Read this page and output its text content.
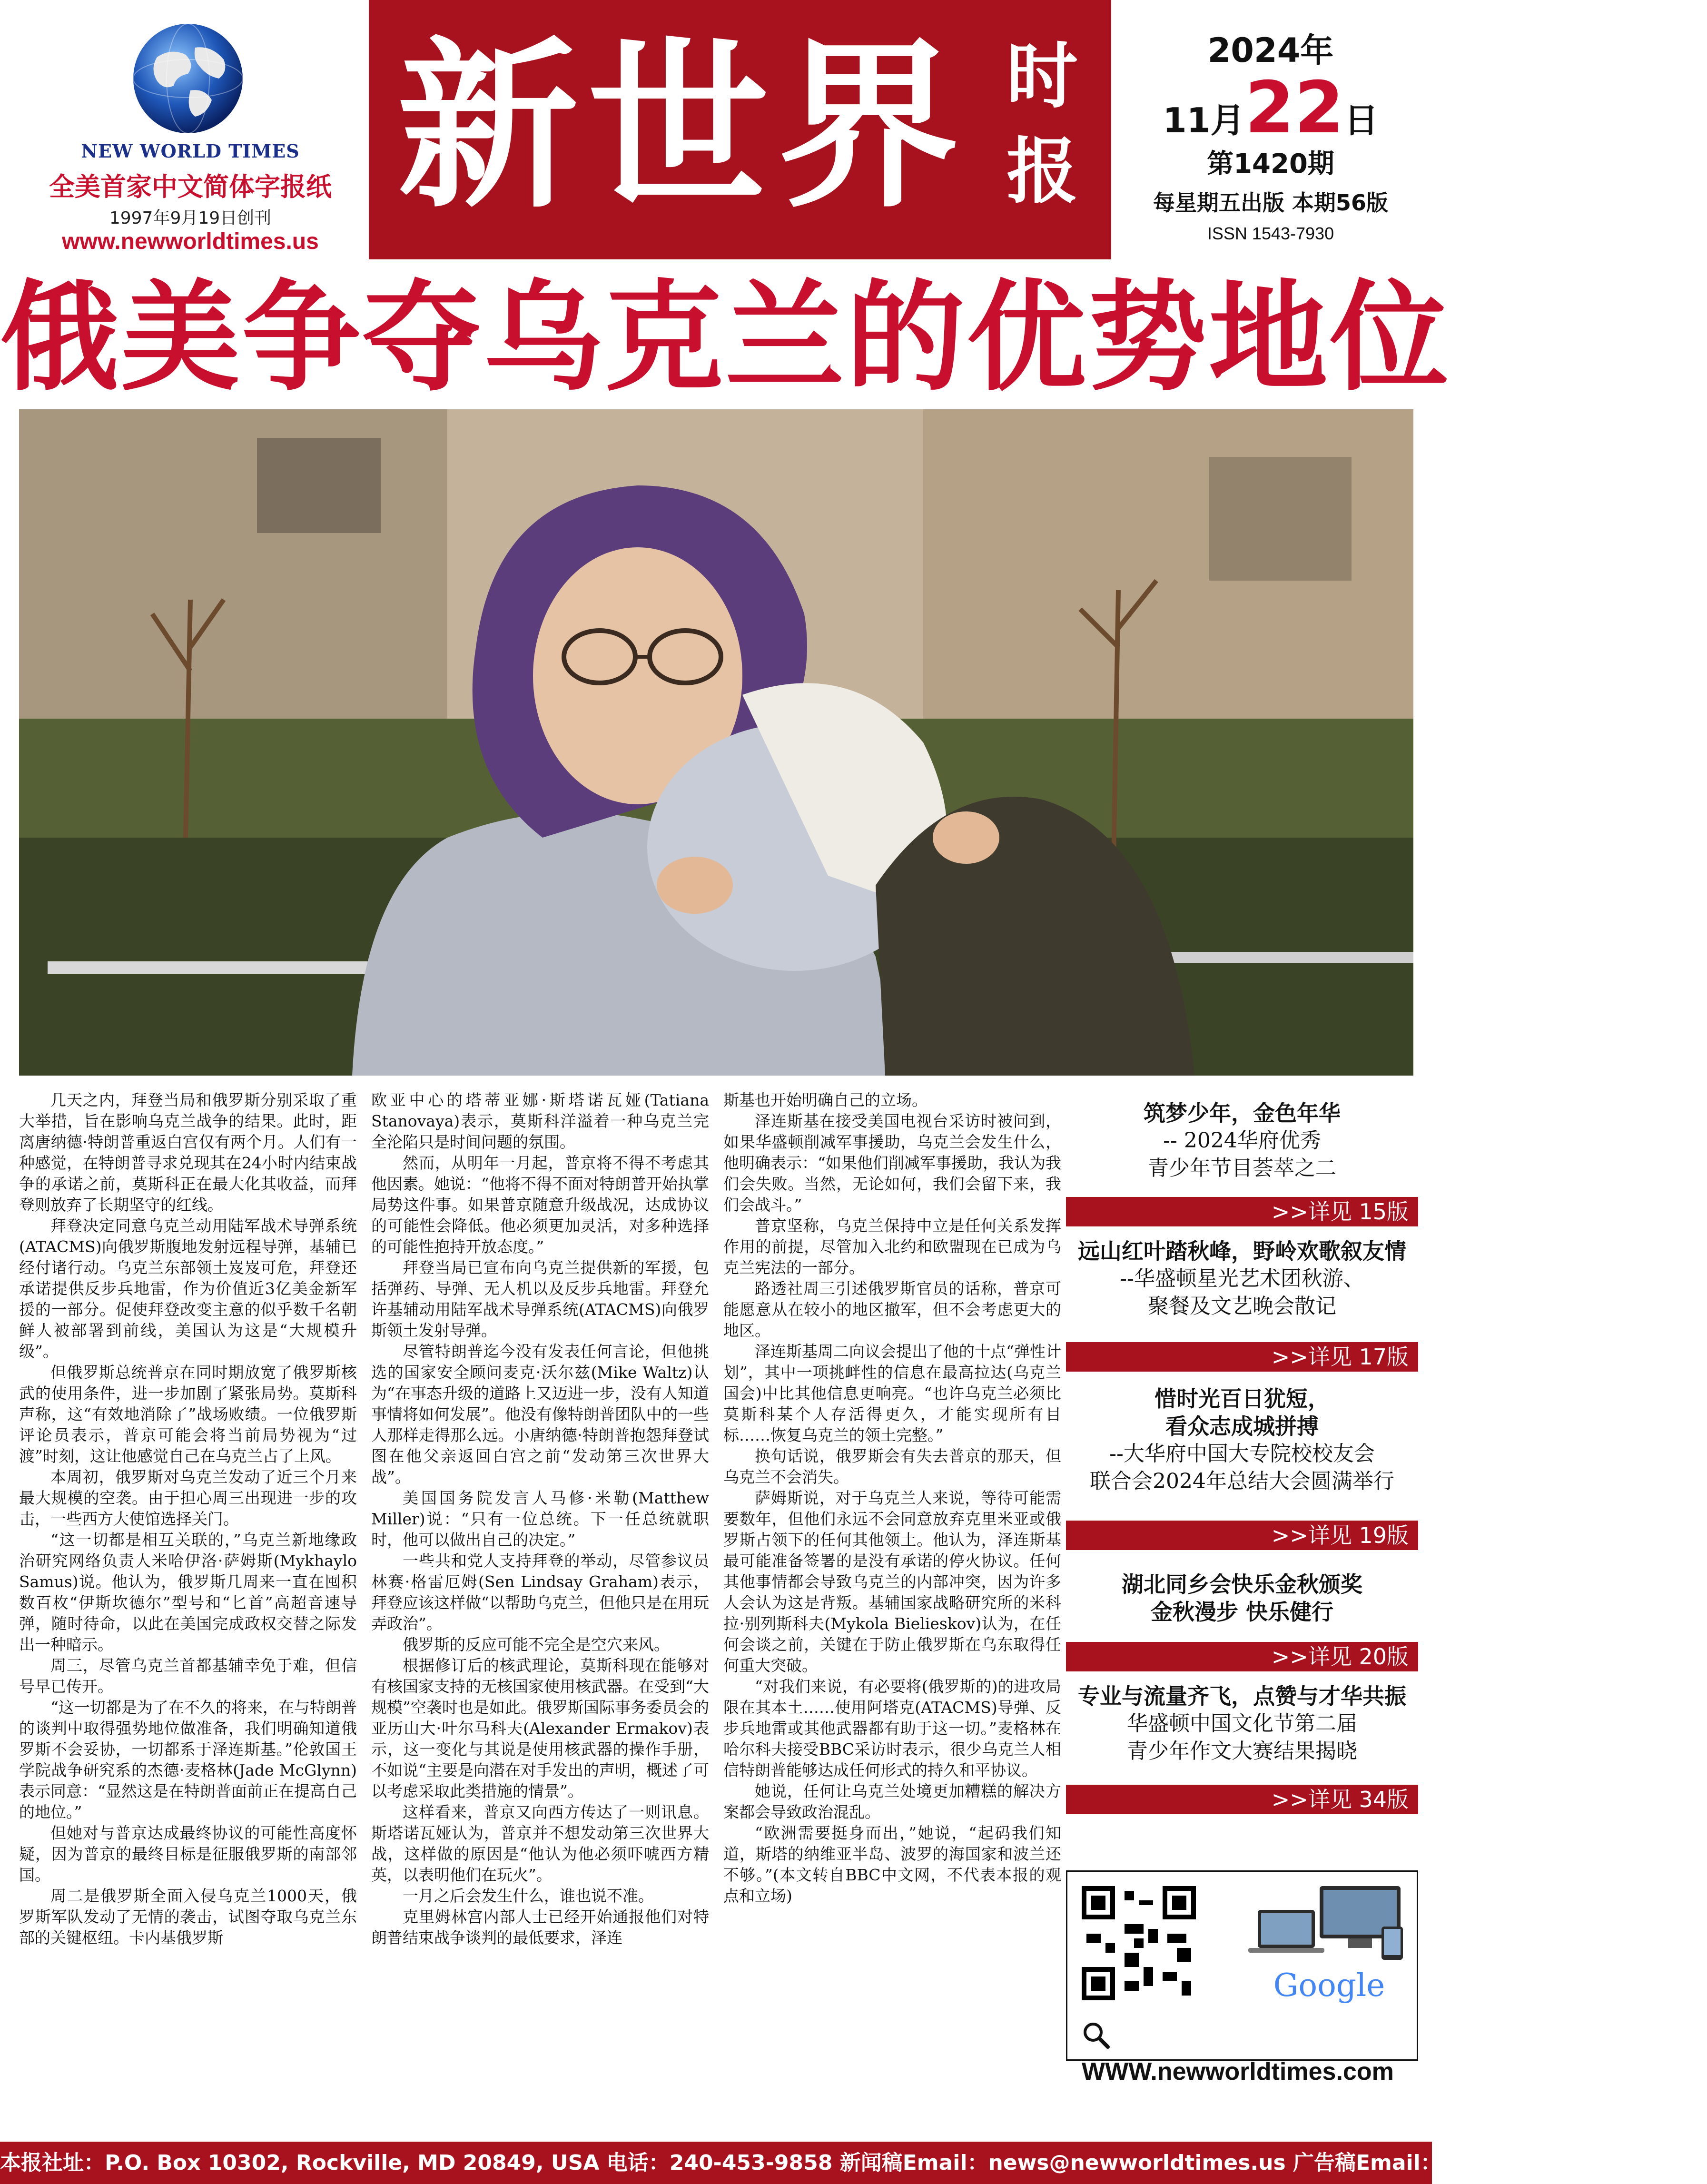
NEW WORLD TIMES
全美首家中文简体字报纸
1997年9月19日创刊
www.newworldtimes.us
新世界 时报
2024年
11月22日
第1420期
每星期五出版 本期56版
ISSN 1543-7930
俄美争夺乌克兰的优势地位

几天之内，拜登当局和俄罗斯分别采取了重大举措，旨在影响乌克兰战争的结果。此时，距离唐纳德·特朗普重返白宫仅有两个月。人们有一种感觉，在特朗普寻求兑现其在24小时内结束战争的承诺之前，莫斯科正在最大化其收益，而拜登则放弃了长期坚守的红线。

拜登决定同意乌克兰动用陆军战术导弹系统(ATACMS)向俄罗斯腹地发射远程导弹，基辅已经付诸行动。乌克兰东部领土岌岌可危，拜登还承诺提供反步兵地雷，作为价值近3亿美金新军援的一部分。促使拜登改变主意的似乎数千名朝鲜人被部署到前线，美国认为这是“大规模升级”。

但俄罗斯总统普京在同时期放宽了俄罗斯核武的使用条件，进一步加剧了紧张局势。莫斯科声称，这“有效地消除了”战场败绩。一位俄罗斯评论员表示，普京可能会将当前局势视为“过渡”时刻，这让他感觉自己在乌克兰占了上风。

本周初，俄罗斯对乌克兰发动了近三个月来最大规模的空袭。由于担心周三出现进一步的攻击，一些西方大使馆选择关门。

“这一切都是相互关联的，”乌克兰新地缘政治研究网络负责人米哈伊洛·萨姆斯(Mykhaylo Samus)说。他认为，俄罗斯几周来一直在囤积数百枚“伊斯坎德尔”型号和“匕首”高超音速导弹，随时待命，以此在美国完成政权交替之际发出一种暗示。

周三，尽管乌克兰首都基辅幸免于难，但信号早已传开。

“这一切都是为了在不久的将来，在与特朗普的谈判中取得强势地位做准备，我们明确知道俄罗斯不会妥协，一切都系于泽连斯基。”伦敦国王学院战争研究系的杰德·麦格林(Jade McGlynn)表示同意：“显然这是在特朗普面前正在提高自己的地位。”

但她对与普京达成最终协议的可能性高度怀疑，因为普京的最终目标是征服俄罗斯的南部邻国。

周二是俄罗斯全面入侵乌克兰1000天，俄罗斯军队发动了无情的袭击，试图夺取乌克兰东部的关键枢纽。卡内基俄罗斯

欧亚中心的塔蒂亚娜·斯塔诺瓦娅(Tatiana Stanovaya)表示，莫斯科洋溢着一种乌克兰完全沦陷只是时间问题的氛围。

然而，从明年一月起，普京将不得不考虑其他因素。她说：“他将不得不面对特朗普开始执掌局势这件事。如果普京随意升级战况，达成协议的可能性会降低。他必须更加灵活，对多种选择的可能性抱持开放态度。”

拜登当局已宣布向乌克兰提供新的军援，包括弹药、导弹、无人机以及反步兵地雷。拜登允许基辅动用陆军战术导弹系统(ATACMS)向俄罗斯领土发射导弹。

尽管特朗普迄今没有发表任何言论，但他挑选的国家安全顾问麦克·沃尔兹(Mike Waltz)认为“在事态升级的道路上又迈进一步，没有人知道事情将如何发展”。他没有像特朗普团队中的一些人那样走得那么远。小唐纳德·特朗普抱怨拜登试图在他父亲返回白宫之前“发动第三次世界大战”。

美国国务院发言人马修·米勒(Matthew Miller)说：“只有一位总统。下一任总统就职时，他可以做出自己的决定。”

一些共和党人支持拜登的举动，尽管参议员林赛·格雷厄姆(Sen Lindsay Graham)表示，拜登应该这样做“以帮助乌克兰，但他只是在用玩弄政治”。

俄罗斯的反应可能不完全是空穴来风。

根据修订后的核武理论，莫斯科现在能够对有核国家支持的无核国家使用核武器。在受到“大规模”空袭时也是如此。俄罗斯国际事务委员会的亚历山大·叶尔马科夫(Alexander Ermakov)表示，这一变化与其说是使用核武器的操作手册，不如说“主要是向潜在对手发出的声明，概述了可以考虑采取此类措施的情景”。

这样看来，普京又向西方传达了一则讯息。斯塔诺瓦娅认为，普京并不想发动第三次世界大战，这样做的原因是“他认为他必须吓唬西方精英，以表明他们在玩火”。

一月之后会发生什么，谁也说不准。

克里姆林宫内部人士已经开始通报他们对特朗普结束战争谈判的最低要求，泽连

斯基也开始明确自己的立场。

泽连斯基在接受美国电视台采访时被问到，如果华盛顿削减军事援助，乌克兰会发生什么，他明确表示：“如果他们削减军事援助，我认为我们会失败。当然，无论如何，我们会留下来，我们会战斗。”

普京坚称，乌克兰保持中立是任何关系发挥作用的前提，尽管加入北约和欧盟现在已成为乌克兰宪法的一部分。

路透社周三引述俄罗斯官员的话称，普京可能愿意从在较小的地区撤军，但不会考虑更大的地区。

泽连斯基周二向议会提出了他的十点“弹性计划”，其中一项挑衅性的信息在最高拉达(乌克兰国会)中比其他信息更响亮。“也许乌克兰必须比莫斯科某个人存活得更久，才能实现所有目标……恢复乌克兰的领土完整。”

换句话说，俄罗斯会有失去普京的那天，但乌克兰不会消失。

萨姆斯说，对于乌克兰人来说，等待可能需要数年，但他们永远不会同意放弃克里米亚或俄罗斯占领下的任何其他领土。他认为，泽连斯基最可能准备签署的是没有承诺的停火协议。任何其他事情都会导致乌克兰的内部冲突，因为许多人会认为这是背叛。基辅国家战略研究所的米科拉·别列斯科夫(Mykola Bielieskov)认为，在任何会谈之前，关键在于防止俄罗斯在乌东取得任何重大突破。

“对我们来说，有必要将(俄罗斯的)的进攻局限在其本土……使用阿塔克(ATACMS)导弹、反步兵地雷或其他武器都有助于这一切。”麦格林在哈尔科夫接受BBC采访时表示，很少乌克兰人相信特朗普能够达成任何形式的持久和平协议。

她说，任何让乌克兰处境更加糟糕的解决方案都会导致政治混乱。

“欧洲需要挺身而出，”她说，“起码我们知道，斯塔的纳维亚半岛、波罗的海国家和波兰还不够。”(本文转自BBC中文网，不代表本报的观点和立场)

筑梦少年，金色年华
-- 2024华府优秀
青少年节目荟萃之二
>>详见 15版
远山红叶踏秋峰，野岭欢歌叙友情
--华盛顿星光艺术团秋游、
聚餐及文艺晚会散记
>>详见 17版
惜时光百日犹短，
看众志成城拼搏
--大华府中国大专院校校友会
联合会2024年总结大会圆满举行
>>详见 19版
湖北同乡会快乐金秋颁奖
金秋漫步 快乐健行
>>详见 20版
专业与流量齐飞，点赞与才华共振
华盛顿中国文化节第二届
青少年作文大赛结果揭晓
>>详见 34版
Google
WWW.newworldtimes.com
本报社址：P.O. Box 10302, Rockville, MD 20849, USA 电话：240-453-9858 新闻稿Email：news@newworldtimes.us 广告稿Email：ad@newworldtimes.us
